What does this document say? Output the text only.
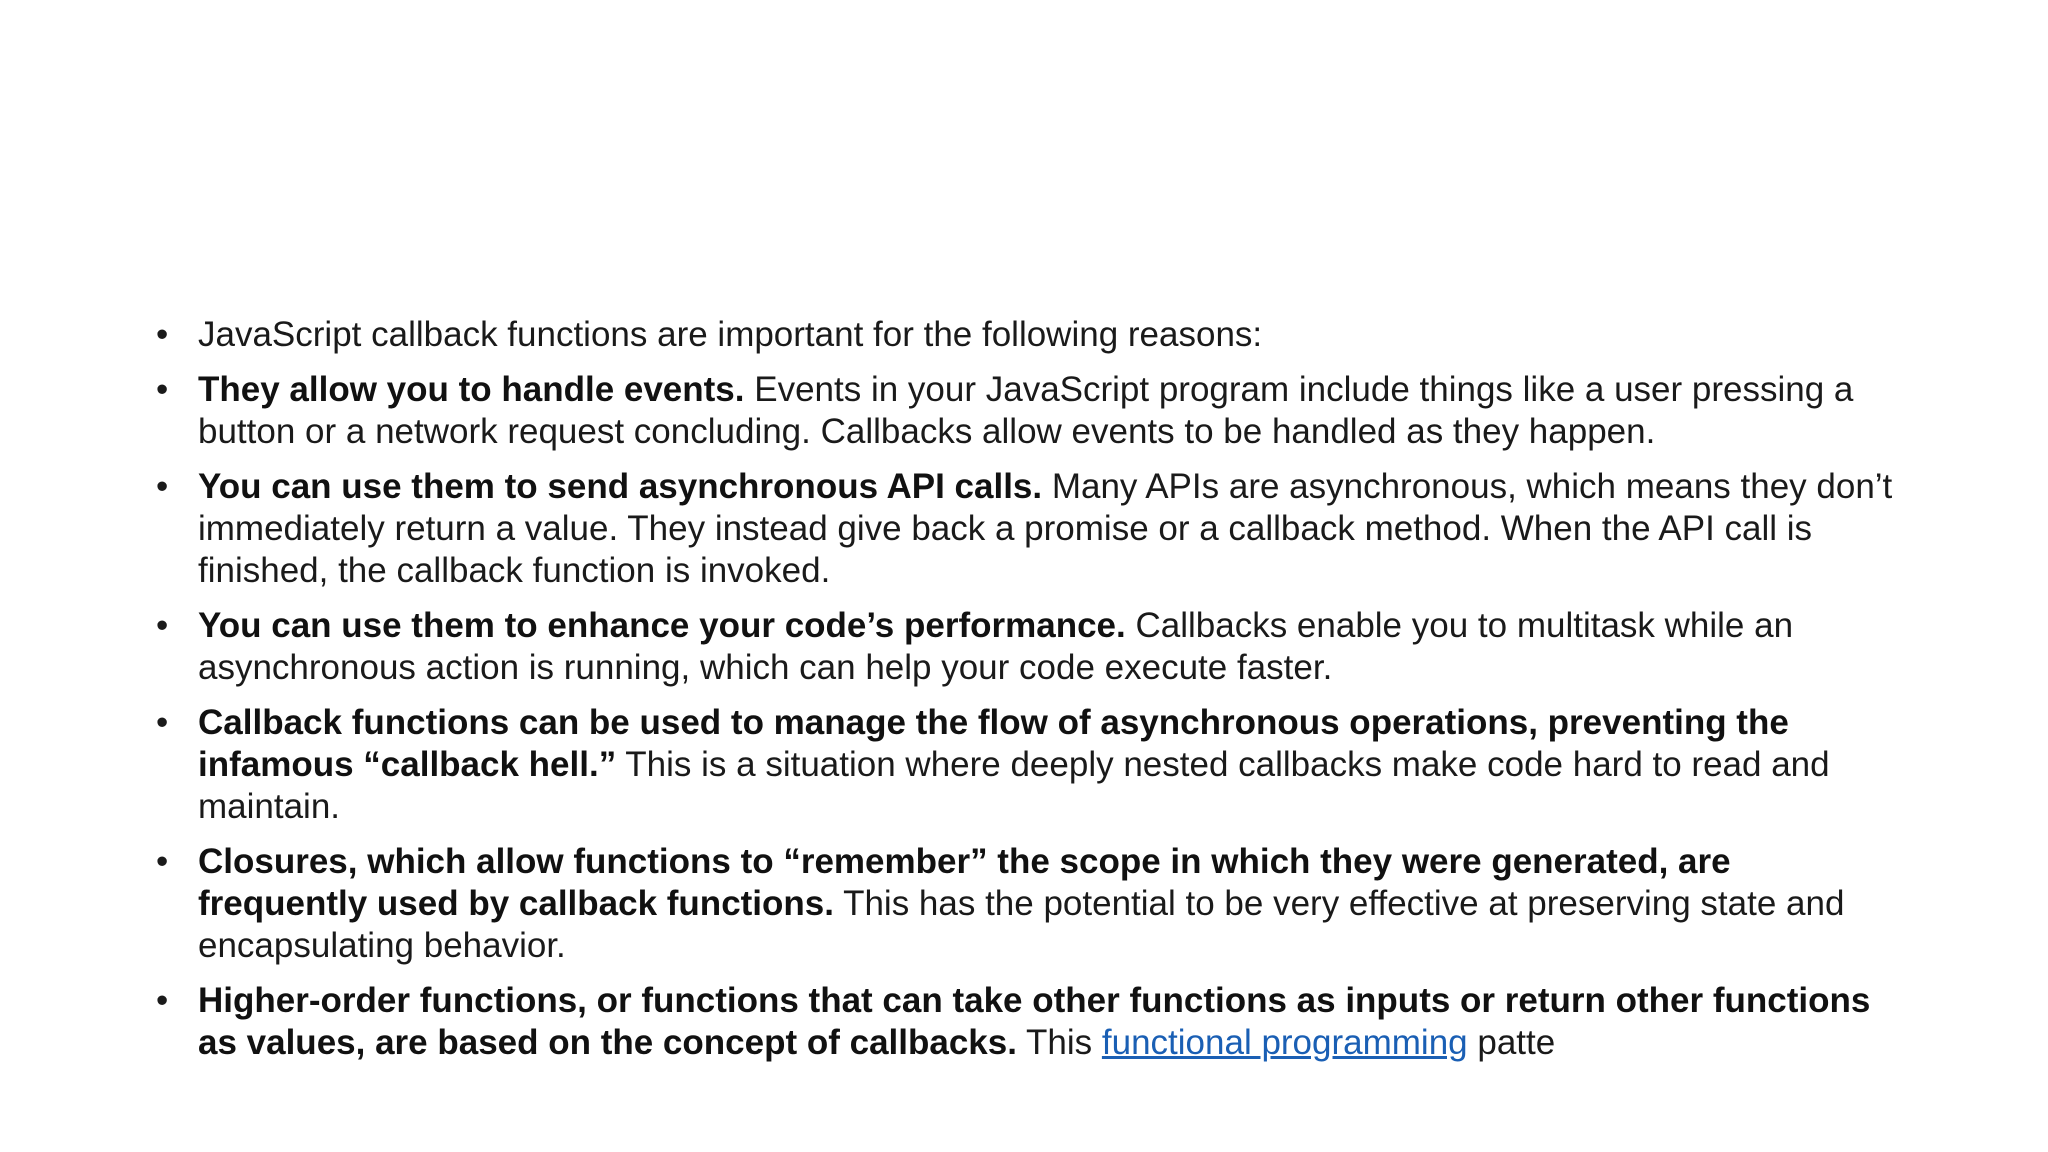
• JavaScript callback functions are important for the following reasons:
• They allow you to handle events. Events in your JavaScript program include things like a user pressing a button or a network request concluding. Callbacks allow events to be handled as they happen.
• You can use them to send asynchronous API calls. Many APIs are asynchronous, which means they don’t immediately return a value. They instead give back a promise or a callback method. When the API call is finished, the callback function is invoked.
• You can use them to enhance your code’s performance. Callbacks enable you to multitask while an asynchronous action is running, which can help your code execute faster.
• Callback functions can be used to manage the flow of asynchronous operations, preventing the infamous “callback hell.” This is a situation where deeply nested callbacks make code hard to read and maintain.
• Closures, which allow functions to “remember” the scope in which they were generated, are frequently used by callback functions. This has the potential to be very effective at preserving state and encapsulating behavior.
• Higher-order functions, or functions that can take other functions as inputs or return other functions as values, are based on the concept of callbacks. This functional programming patte
